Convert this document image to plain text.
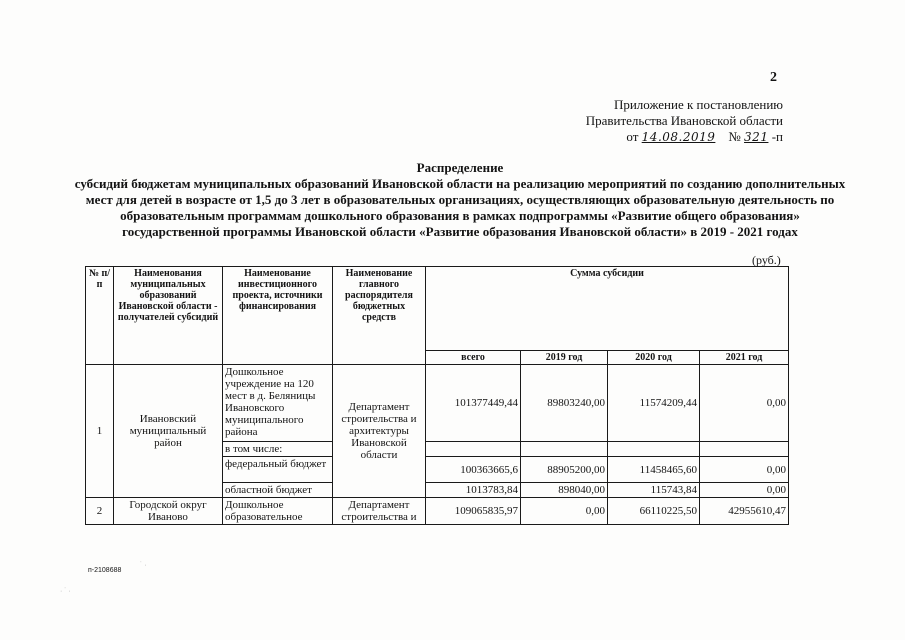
2
Приложение к постановлению
Правительства Ивановской области
от 14.08.2019 № 321 -п
Распределение
субсидий бюджетам муниципальных образований Ивановской области на реализацию мероприятий по созданию дополнительных мест для детей в возрасте от 1,5 до 3 лет в образовательных организациях, осуществляющих образовательную деятельность по образовательным программам дошкольного образования в рамках подпрограммы «Развитие общего образования» государственной программы Ивановской области «Развитие образования Ивановской области» в 2019 - 2021 годах
(руб.)
№ п/п	Наименования муниципальных образований Ивановской области - получателей субсидий	Наименование инвестиционного проекта, источники финансирования	Наименование главного распорядителя бюджетных средств	Сумма субсидии			
				всего	2019 год	2020 год	2021 год
1	Ивановский муниципальный район	Дошкольное учреждение на 120 мест в д. Беляницы Ивановского муниципального района	Департамент строительства и архитектуры Ивановской области	101377449,44	89803240,00	11574209,44	0,00
		в том числе:					
		федеральный бюджет		100363665,6	88905200,00	11458465,60	0,00
		областной бюджет		1013783,84	898040,00	115743,84	0,00
2	Городской округ Иваново	Дошкольное образовательное	Департамент строительства и	109065835,97	0,00	66110225,50	42955610,47
п-2108688
· ˙ ·
˙ ·
